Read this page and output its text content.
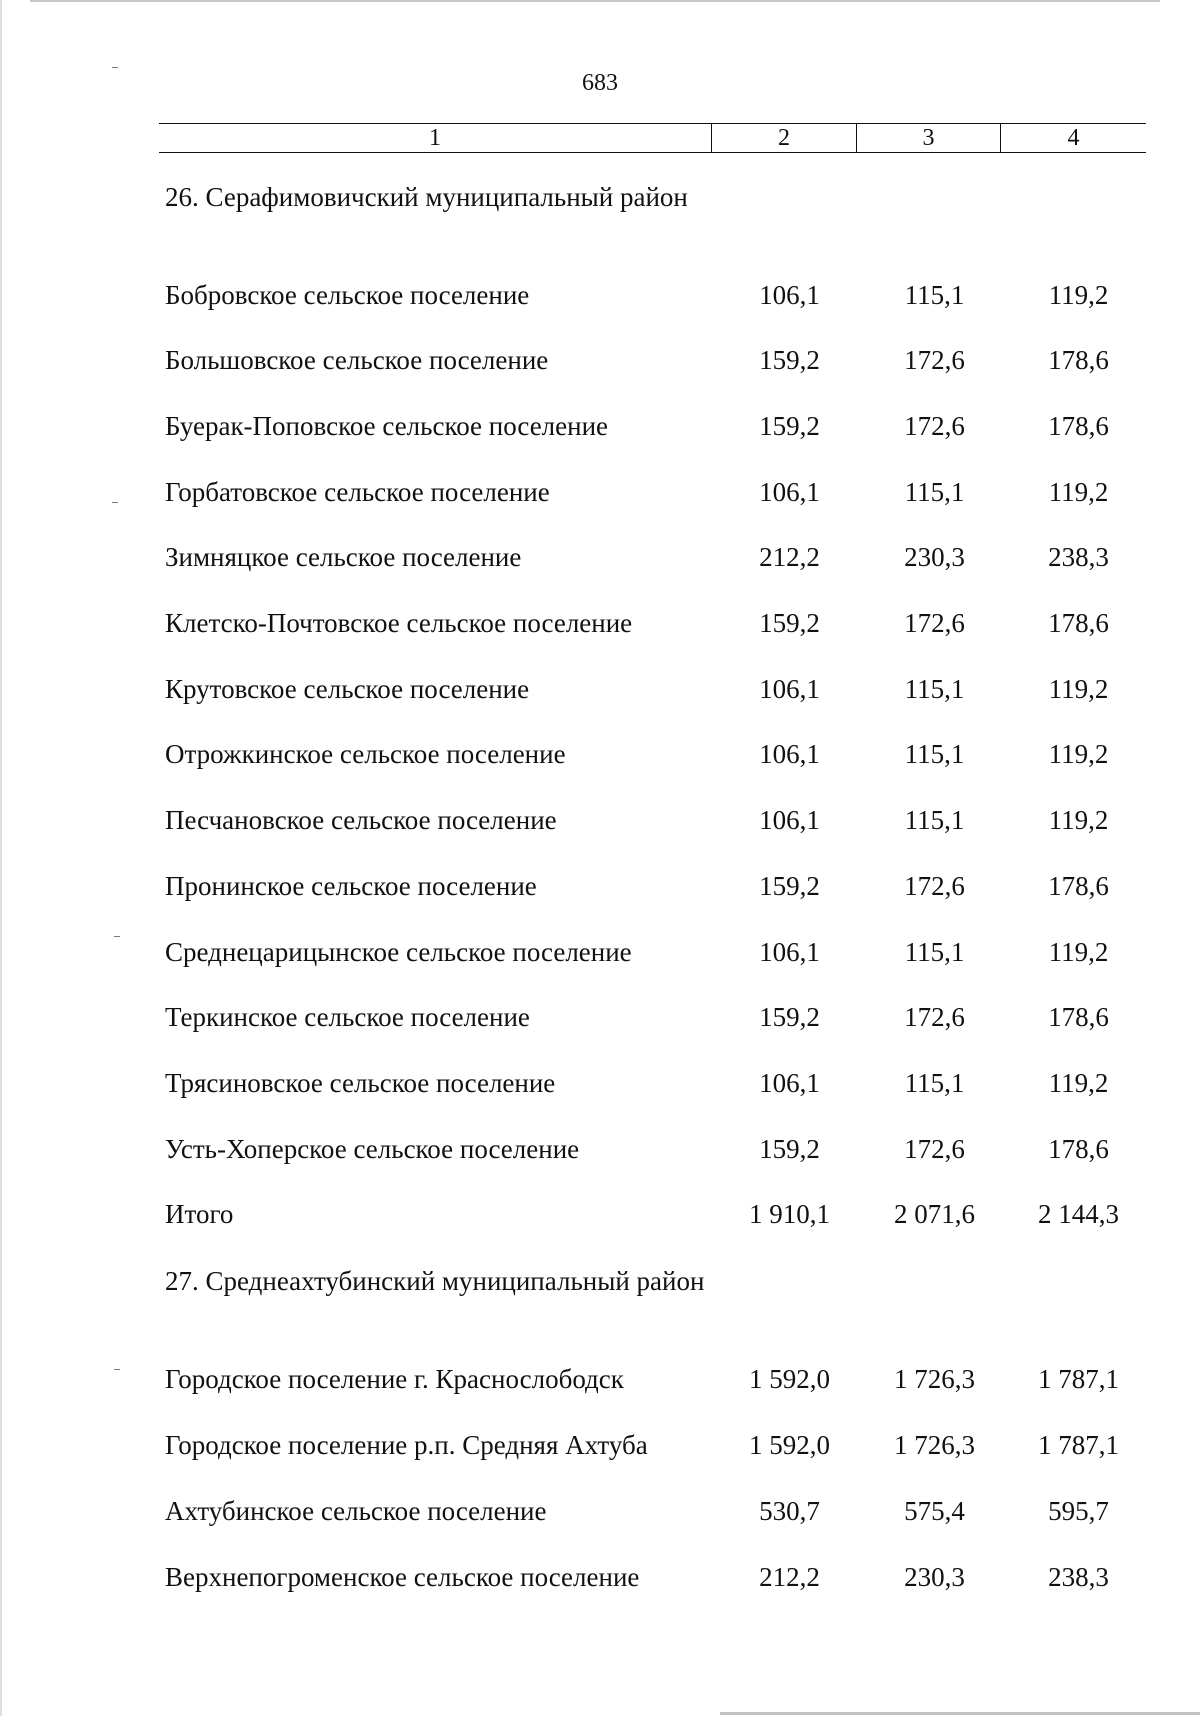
683
1	2	3	4
26. Серафимовичский муниципальный район
Бобровское сельское поселение	106,1	115,1	119,2
Большовское сельское поселение	159,2	172,6	178,6
Буерак-Поповское сельское поселение	159,2	172,6	178,6
Горбатовское сельское поселение	106,1	115,1	119,2
Зимняцкое сельское поселение	212,2	230,3	238,3
Клетско-Почтовское сельское поселение	159,2	172,6	178,6
Крутовское сельское поселение	106,1	115,1	119,2
Отрожкинское сельское поселение	106,1	115,1	119,2
Песчановское сельское поселение	106,1	115,1	119,2
Пронинское сельское поселение	159,2	172,6	178,6
Среднецарицынское сельское поселение	106,1	115,1	119,2
Теркинское сельское поселение	159,2	172,6	178,6
Трясиновское сельское поселение	106,1	115,1	119,2
Усть-Хоперское сельское поселение	159,2	172,6	178,6
Итого	1 910,1	2 071,6	2 144,3
27. Среднеахтубинский муниципальный район
Городское поселение г. Краснослободск	1 592,0	1 726,3	1 787,1
Городское поселение р.п. Средняя Ахтуба	1 592,0	1 726,3	1 787,1
Ахтубинское сельское поселение	530,7	575,4	595,7
Верхнепогроменское сельское поселение	212,2	230,3	238,3
